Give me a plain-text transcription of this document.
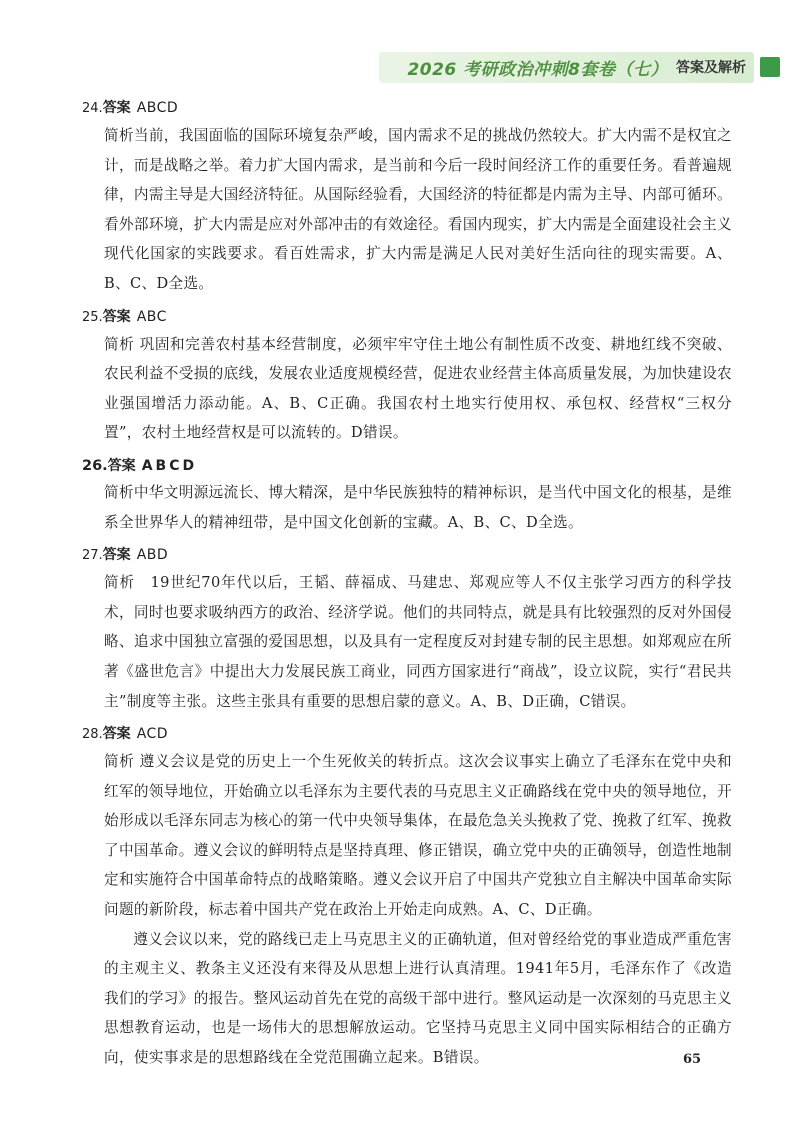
2026 考研政治冲刺8套卷（七） 答案及解析
24. 答案 ABCD

简析当前，我国面临的国际环境复杂严峻，国内需求不足的挑战仍然较大。扩大内需不是权宜之计，而是战略之举。着力扩大国内需求，是当前和今后一段时间经济工作的重要任务。看普遍规律，内需主导是大国经济特征。从国际经验看，大国经济的特征都是内需为主导、内部可循环。看外部环境，扩大内需是应对外部冲击的有效途径。看国内现实，扩大内需是全面建设社会主义现代化国家的实践要求。看百姓需求，扩大内需是满足人民对美好生活向往的现实需要。A、B、C、D全选。

25. 答案 ABC

简析 巩固和完善农村基本经营制度，必须牢牢守住土地公有制性质不改变、耕地红线不突破、农民利益不受损的底线，发展农业适度规模经营，促进农业经营主体高质量发展，为加快建设农业强国增活力添动能。A、B、C正确。我国农村土地实行使用权、承包权、经营权“三权分置”，农村土地经营权是可以流转的。D错误。

26. 答案 ABCD

简析中华文明源远流长、博大精深，是中华民族独特的精神标识，是当代中国文化的根基，是维系全世界华人的精神纽带，是中国文化创新的宝藏。A、B、C、D全选。

27. 答案 ABD

简析　19世纪70年代以后，王韬、薛福成、马建忠、郑观应等人不仅主张学习西方的科学技术，同时也要求吸纳西方的政治、经济学说。他们的共同特点，就是具有比较强烈的反对外国侵略、追求中国独立富强的爱国思想，以及具有一定程度反对封建专制的民主思想。如郑观应在所著《盛世危言》中提出大力发展民族工商业，同西方国家进行“商战”，设立议院，实行“君民共主”制度等主张。这些主张具有重要的思想启蒙的意义。A、B、D正确，C错误。

28. 答案 ACD

简析 遵义会议是党的历史上一个生死攸关的转折点。这次会议事实上确立了毛泽东在党中央和红军的领导地位，开始确立以毛泽东为主要代表的马克思主义正确路线在党中央的领导地位，开始形成以毛泽东同志为核心的第一代中央领导集体，在最危急关头挽救了党、挽救了红军、挽救了中国革命。遵义会议的鲜明特点是坚持真理、修正错误，确立党中央的正确领导，创造性地制定和实施符合中国革命特点的战略策略。遵义会议开启了中国共产党独立自主解决中国革命实际问题的新阶段，标志着中国共产党在政治上开始走向成熟。A、C、D正确。

遵义会议以来，党的路线已走上马克思主义的正确轨道，但对曾经给党的事业造成严重危害的主观主义、教条主义还没有来得及从思想上进行认真清理。1941年5月，毛泽东作了《改造我们的学习》的报告。整风运动首先在党的高级干部中进行。整风运动是一次深刻的马克思主义思想教育运动，也是一场伟大的思想解放运动。它坚持马克思主义同中国实际相结合的正确方向，使实事求是的思想路线在全党范围确立起来。B错误。	65
